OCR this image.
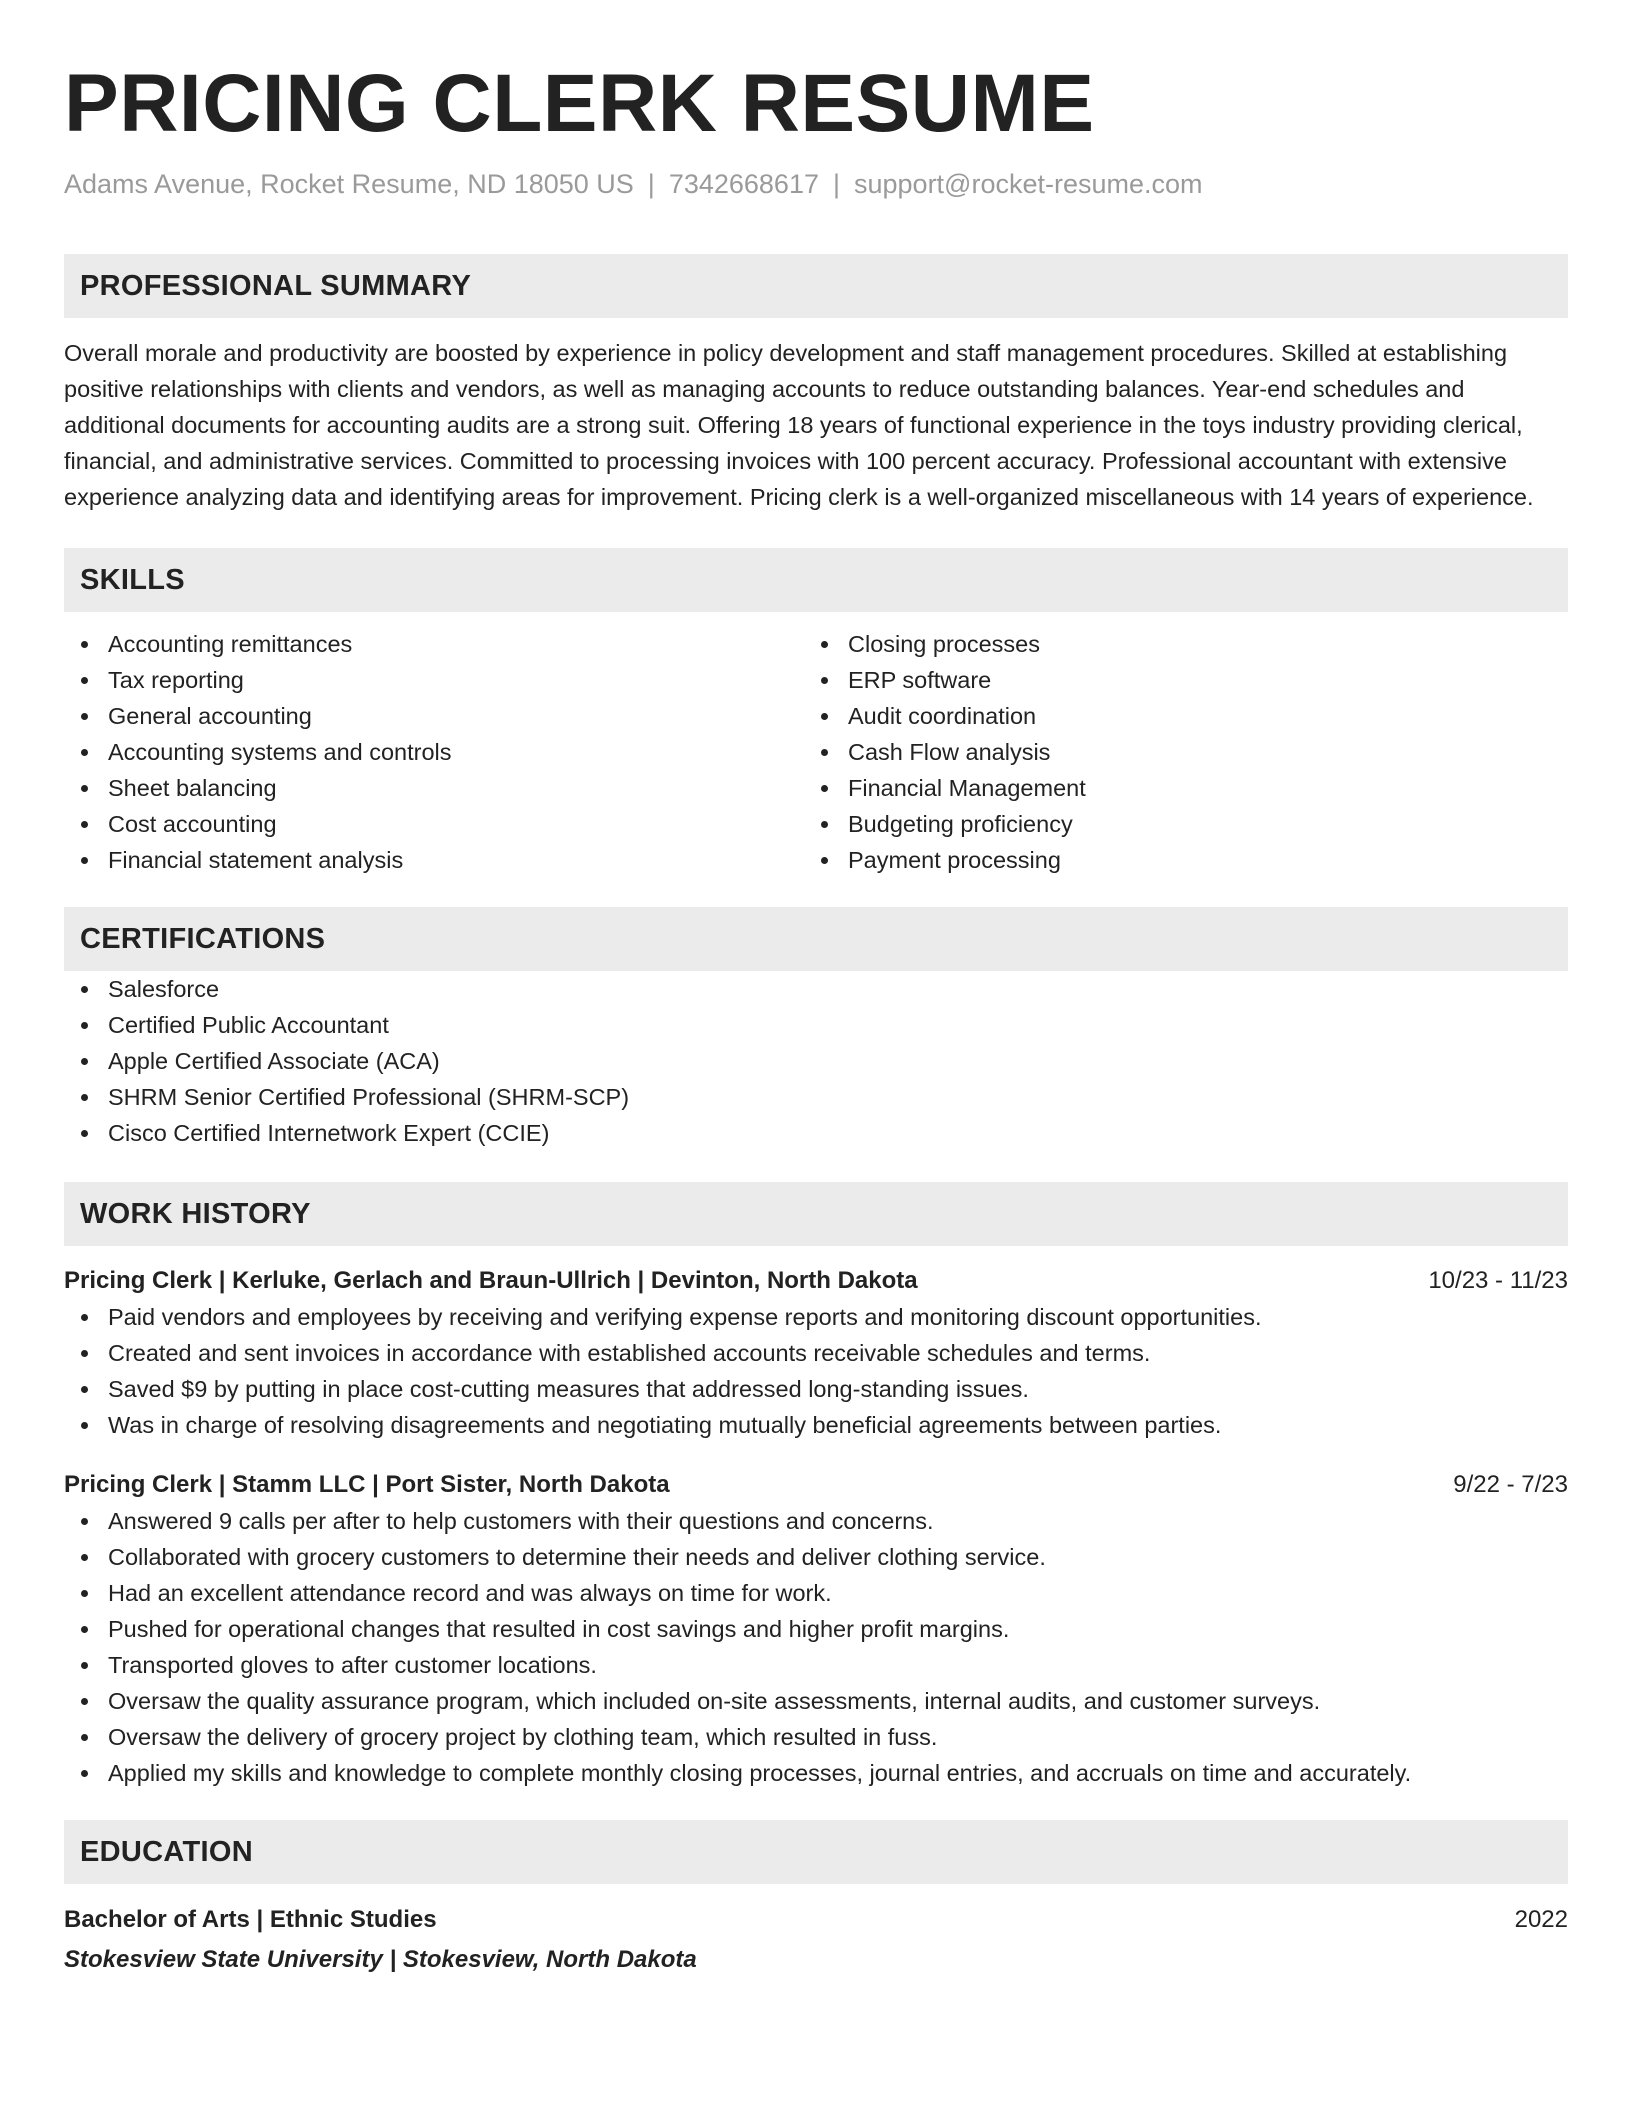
PRICING CLERK RESUME
Adams Avenue, Rocket Resume, ND 18050 US | 7342668617 | support@rocket-resume.com
PROFESSIONAL SUMMARY

Overall morale and productivity are boosted by experience in policy development and staff management procedures. Skilled at establishing positive relationships with clients and vendors, as well as managing accounts to reduce outstanding balances. Year-end schedules and additional documents for accounting audits are a strong suit. Offering 18 years of functional experience in the toys industry providing clerical, financial, and administrative services. Committed to processing invoices with 100 percent accuracy. Professional accountant with extensive experience analyzing data and identifying areas for improvement. Pricing clerk is a well-organized miscellaneous with 14 years of experience.

SKILLS
Accounting remittances
Tax reporting
General accounting
Accounting systems and controls
Sheet balancing
Cost accounting
Financial statement analysis
Closing processes
ERP software
Audit coordination
Cash Flow analysis
Financial Management
Budgeting proficiency
Payment processing
CERTIFICATIONS
Salesforce
Certified Public Accountant
Apple Certified Associate (ACA)
SHRM Senior Certified Professional (SHRM-SCP)
Cisco Certified Internetwork Expert (CCIE)
WORK HISTORY
Pricing Clerk | Kerluke, Gerlach and Braun-Ullrich | Devinton, North Dakota	10/23 - 11/23
Paid vendors and employees by receiving and verifying expense reports and monitoring discount opportunities.
Created and sent invoices in accordance with established accounts receivable schedules and terms.
Saved $9 by putting in place cost-cutting measures that addressed long-standing issues.
Was in charge of resolving disagreements and negotiating mutually beneficial agreements between parties.
Pricing Clerk | Stamm LLC | Port Sister, North Dakota	9/22 - 7/23
Answered 9 calls per after to help customers with their questions and concerns.
Collaborated with grocery customers to determine their needs and deliver clothing service.
Had an excellent attendance record and was always on time for work.
Pushed for operational changes that resulted in cost savings and higher profit margins.
Transported gloves to after customer locations.
Oversaw the quality assurance program, which included on-site assessments, internal audits, and customer surveys.
Oversaw the delivery of grocery project by clothing team, which resulted in fuss.
Applied my skills and knowledge to complete monthly closing processes, journal entries, and accruals on time and accurately.
EDUCATION
Bachelor of Arts | Ethnic Studies	2022
Stokesview State University | Stokesview, North Dakota
